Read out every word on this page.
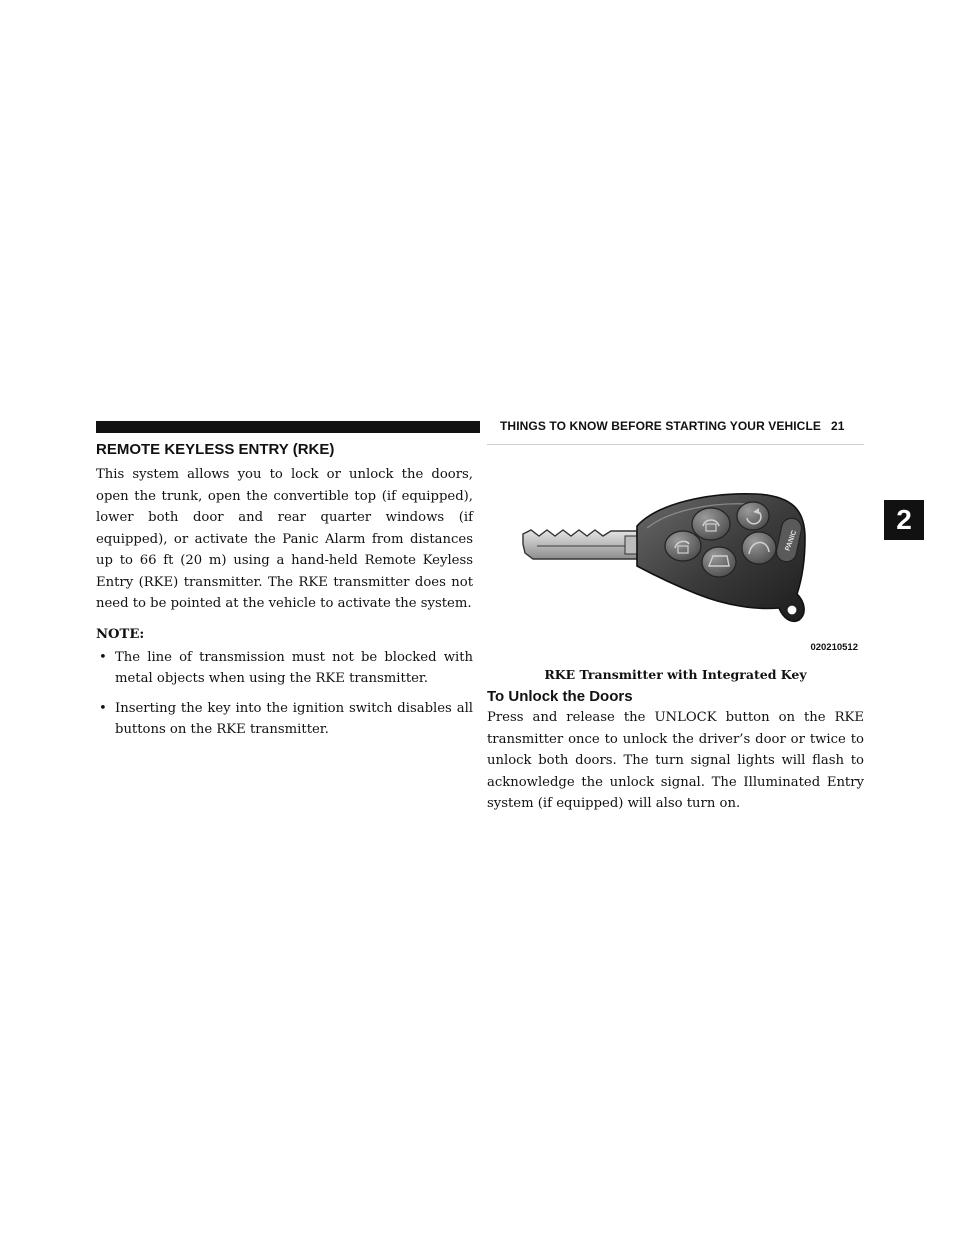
THINGS TO KNOW BEFORE STARTING YOUR VEHICLE 21
2
REMOTE KEYLESS ENTRY (RKE)

This system allows you to lock or unlock the doors, open the trunk, open the convertible top (if equipped), lower both door and rear quarter windows (if equipped), or activate the Panic Alarm from distances up to 66 ft (20 m) using a hand-held Remote Keyless Entry (RKE) transmitter. The RKE transmitter does not need to be pointed at the vehicle to activate the system.

NOTE:
• The line of transmission must not be blocked with metal objects when using the RKE transmitter.
• Inserting the key into the ignition switch disables all buttons on the RKE transmitter.
PANIC
020210512
RKE Transmitter with Integrated Key
To Unlock the Doors

Press and release the UNLOCK button on the RKE transmitter once to unlock the driver’s door or twice to unlock both doors. The turn signal lights will flash to acknowledge the unlock signal. The Illuminated Entry system (if equipped) will also turn on.
